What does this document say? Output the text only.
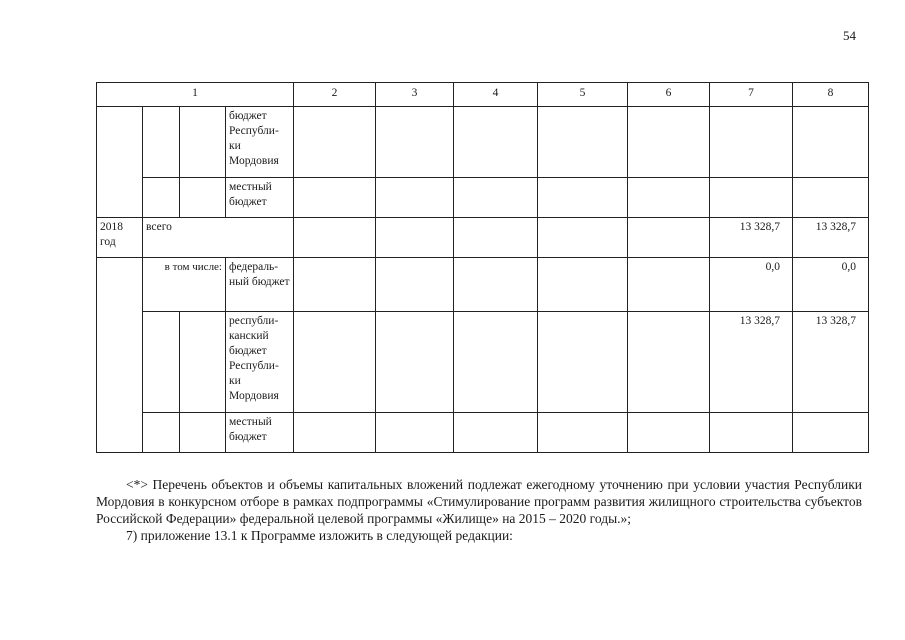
54
1				2	3	4	5	6	7	8
			бюджет Республи-ки Мордовия							
			местный бюджет							
2018 год	всего								13 328,7	13 328,7
	в том числе:		федераль-ный бюджет						0,0	0,0
			республи-канский бюджет Республи-ки Мордовия						13 328,7	13 328,7
			местный бюджет							

<*> Перечень объектов и объемы капитальных вложений подлежат ежегодному уточнению при условии участия Республики Мордовия в конкурсном отборе в рамках подпрограммы «Стимулирование программ развития жилищного строительства субъектов Российской Федерации» федеральной целевой программы «Жилище» на 2015 – 2020 годы.»;

7) приложение 13.1 к Программе изложить в следующей редакции:
